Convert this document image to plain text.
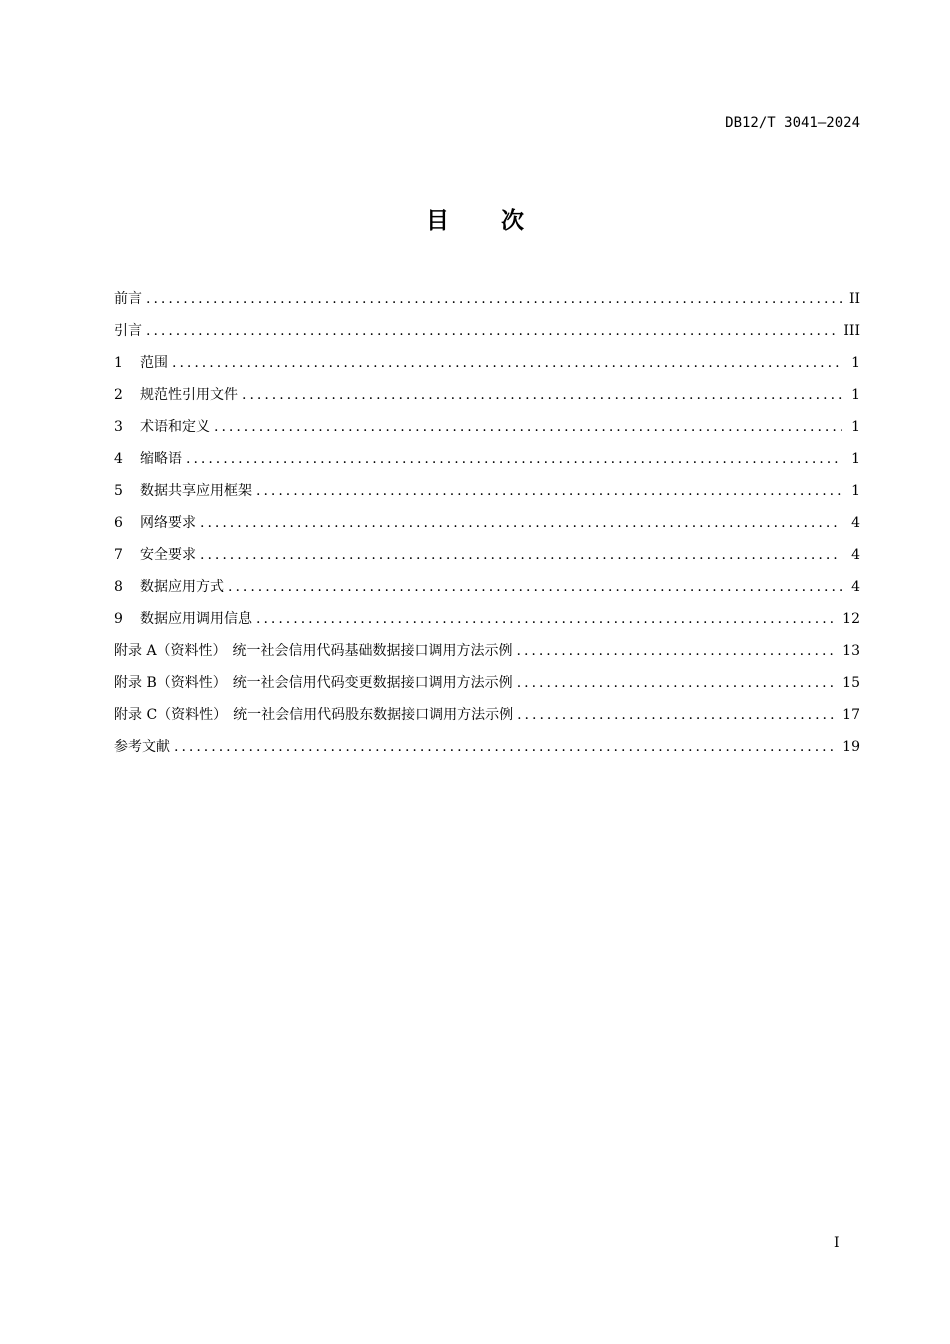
DB12/T 3041—2024
目 次
前言 .....	II
引言 .....	III
1	范围 .....	1
2	规范性引用文件 .....	1
3	术语和定义 .....	1
4	缩略语 .....	1
5	数据共享应用框架 .....	1
6	网络要求 .....	4
7	安全要求 .....	4
8	数据应用方式 .....	4
9	数据应用调用信息 .....	12
附录 A（资料性） 统一社会信用代码基础数据接口调用方法示例 .....	13
附录 B（资料性） 统一社会信用代码变更数据接口调用方法示例 .....	15
附录 C（资料性） 统一社会信用代码股东数据接口调用方法示例 .....	17
参考文献 .....	19
I
